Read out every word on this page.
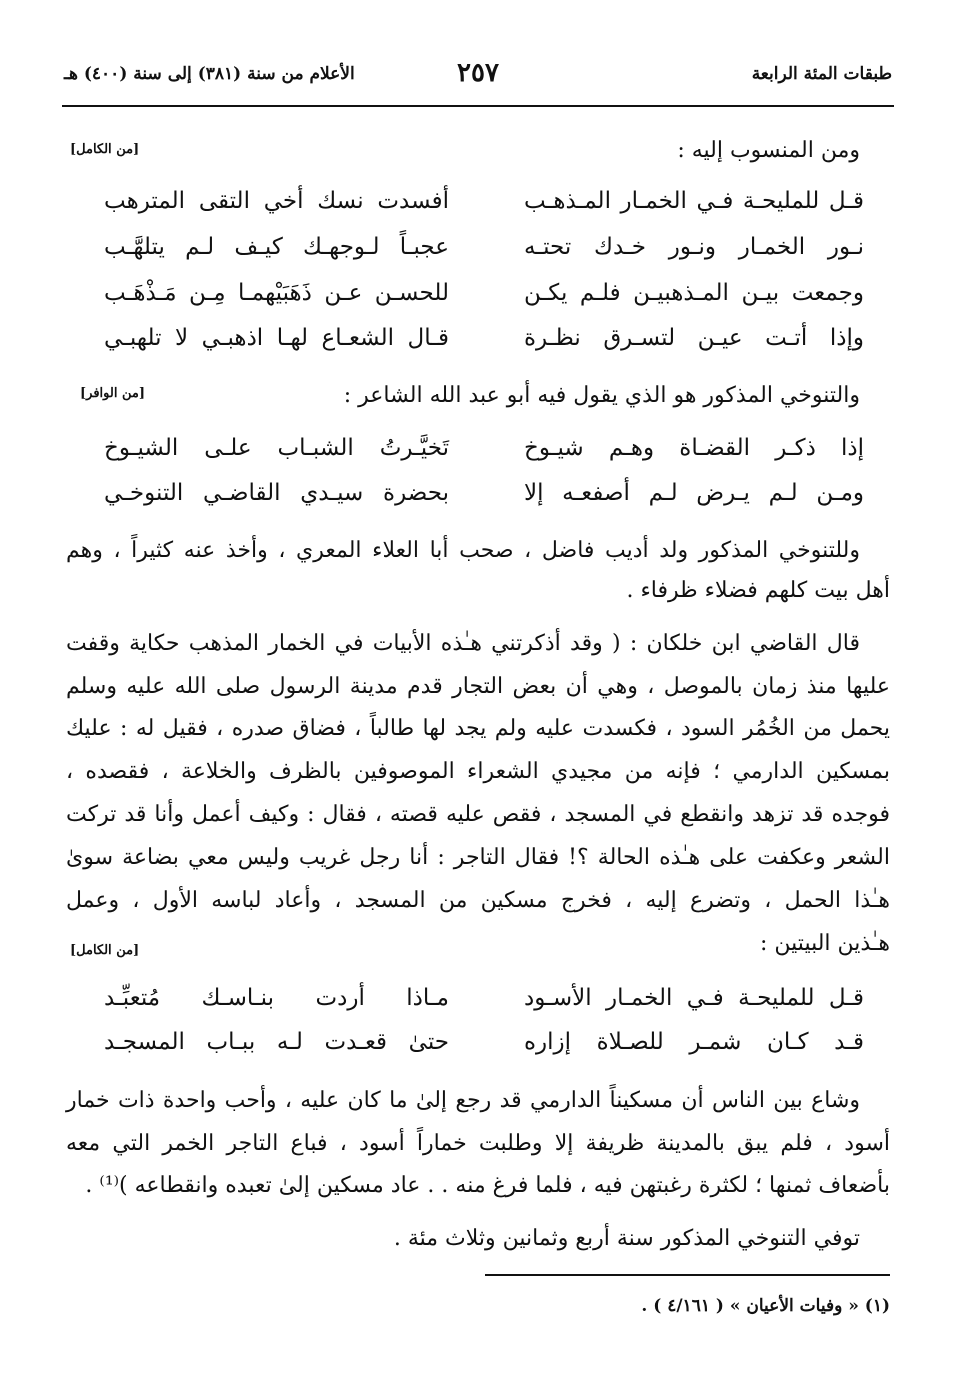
طبقات المئة الرابعة
٢٥٧
الأعلام من سنة (٣٨١) إلى سنة (٤٠٠) هـ
ومن المنسوب إليه :
[من الكامل]
قـل للمليحـة فـي الخمـار المـذهـب
أفسدت نسك أخي التقى المترهب
نـور الخمـار ونـور خـدك تحتـه
عجبـاً لـوجهـك كيـف لـم يتلهَّـب
وجمعت بيـن المـذهبيـن فلـم يكـن
للحسـن عـن ذَهَبَيْهمـا مِـن مَـذْهَـب
وإذا أتـت عيـن لتسـرق نظـرة
قـال الشعـاع لهـا اذهبـي لا تلهبـي
والتنوخي المذكور هو الذي يقول فيه أبو عبد الله الشاعر :
[من الوافر]
إذا ذكـر القضـاة وهـم شيـوخ
تَخيَّـرتُ الشبـاب علـى الشيـوخ
ومـن لـم يـرض لـم أصفعـه إلا
بحضرة سيـدي القاضـي التنوخـي
وللتنوخي المذكور ولد أديب فاضل ، صحب أبا العلاء المعري ، وأخذ عنه كثيراً ، وهم
أهل بيت كلهم فضلاء ظرفاء .
قال القاضي ابن خلكان : ( وقد أذكرتني هـٰذه الأبيات في الخمار المذهب حكاية وقفت
عليها منذ زمان بالموصل ، وهي أن بعض التجار قدم مدينة الرسول صلى الله عليه وسلم
يحمل من الخُمُر السود ، فكسدت عليه ولم يجد لها طالباً ، فضاق صدره ، فقيل له : عليك
بمسكين الدارمي ؛ فإنه من مجيدي الشعراء الموصوفين بالظرف والخلاعة ، فقصده ،
فوجده قد تزهد وانقطع في المسجد ، فقص عليه قصته ، فقال : وكيف أعمل وأنا قد تركت
الشعر وعكفت على هـٰذه الحالة ؟! فقال التاجر : أنا رجل غريب وليس معي بضاعة سوىٰ
هـٰذا الحمل ، وتضرع إليه ، فخرج مسكين من المسجد ، وأعاد لباسه الأول ، وعمل
هـٰذين البيتين :
[من الكامل]
قـل للمليحـة فـي الخمـار الأسـود
مـاذا أردت بنـاسـك مُتعبِّـد
قـد كـان شمـر للصـلاة إزاره
حتىٰ قعـدت لـه ببـاب المسجـد
وشاع بين الناس أن مسكيناً الدارمي قد رجع إلىٰ ما كان عليه ، وأحب واحدة ذات خمار
أسود ، فلم يبق بالمدينة ظريفة إلا وطلبت خماراً أسود ، فباع التاجر الخمر التي معه
بأضعاف ثمنها ؛ لكثرة رغبتهن فيه ، فلما فرغ منه . . عاد مسكين إلىٰ تعبده وانقطاعه )⁽¹⁾ .
توفي التنوخي المذكور سنة أربع وثمانين وثلاث مئة .
(١) « وفيات الأعيان » ( ٤/١٦١ ) .
